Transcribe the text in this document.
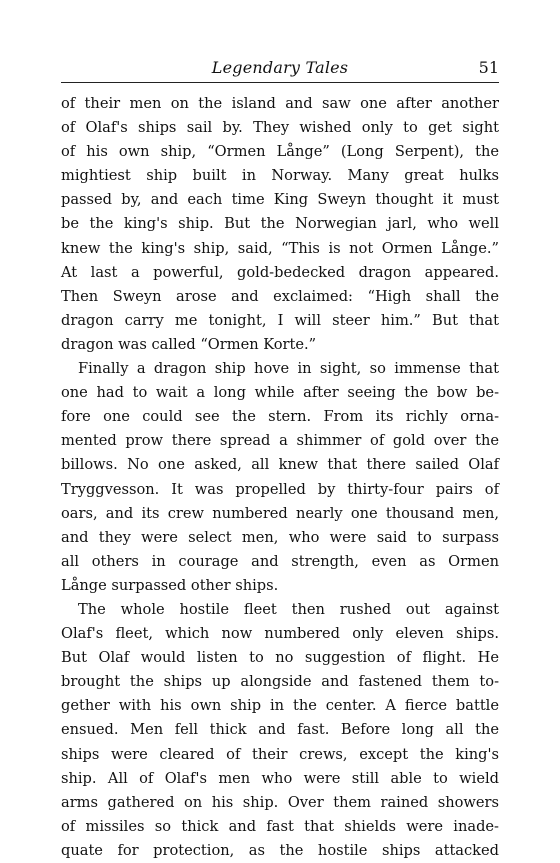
Legendary Tales	51
of their men on the island and saw one after another
of Olaf's ships sail by. They wished only to get sight
of his own ship, “Ormen Långe” (Long Serpent), the
mightiest ship built in Norway. Many great hulks
passed by, and each time King Sweyn thought it must
be the king's ship. But the Norwegian jarl, who well
knew the king's ship, said, “This is not Ormen Långe.”
At last a powerful, gold-bedecked dragon appeared.
Then Sweyn arose and exclaimed: “High shall the
dragon carry me tonight, I will steer him.” But that
dragon was called “Ormen Korte.”
Finally a dragon ship hove in sight, so immense that
one had to wait a long while after seeing the bow be-
fore one could see the stern. From its richly orna-
mented prow there spread a shimmer of gold over the
billows. No one asked, all knew that there sailed Olaf
Tryggvesson. It was propelled by thirty-four pairs of
oars, and its crew numbered nearly one thousand men,
and they were select men, who were said to surpass
all others in courage and strength, even as Ormen
Långe surpassed other ships.
The whole hostile fleet then rushed out against
Olaf's fleet, which now numbered only eleven ships.
But Olaf would listen to no suggestion of flight. He
brought the ships up alongside and fastened them to-
gether with his own ship in the center. A fierce battle
ensued. Men fell thick and fast. Before long all the
ships were cleared of their crews, except the king's
ship. All of Olaf's men who were still able to wield
arms gathered on his ship. Over them rained showers
of missiles so thick and fast that shields were inade-
quate for protection, as the hostile ships attacked
